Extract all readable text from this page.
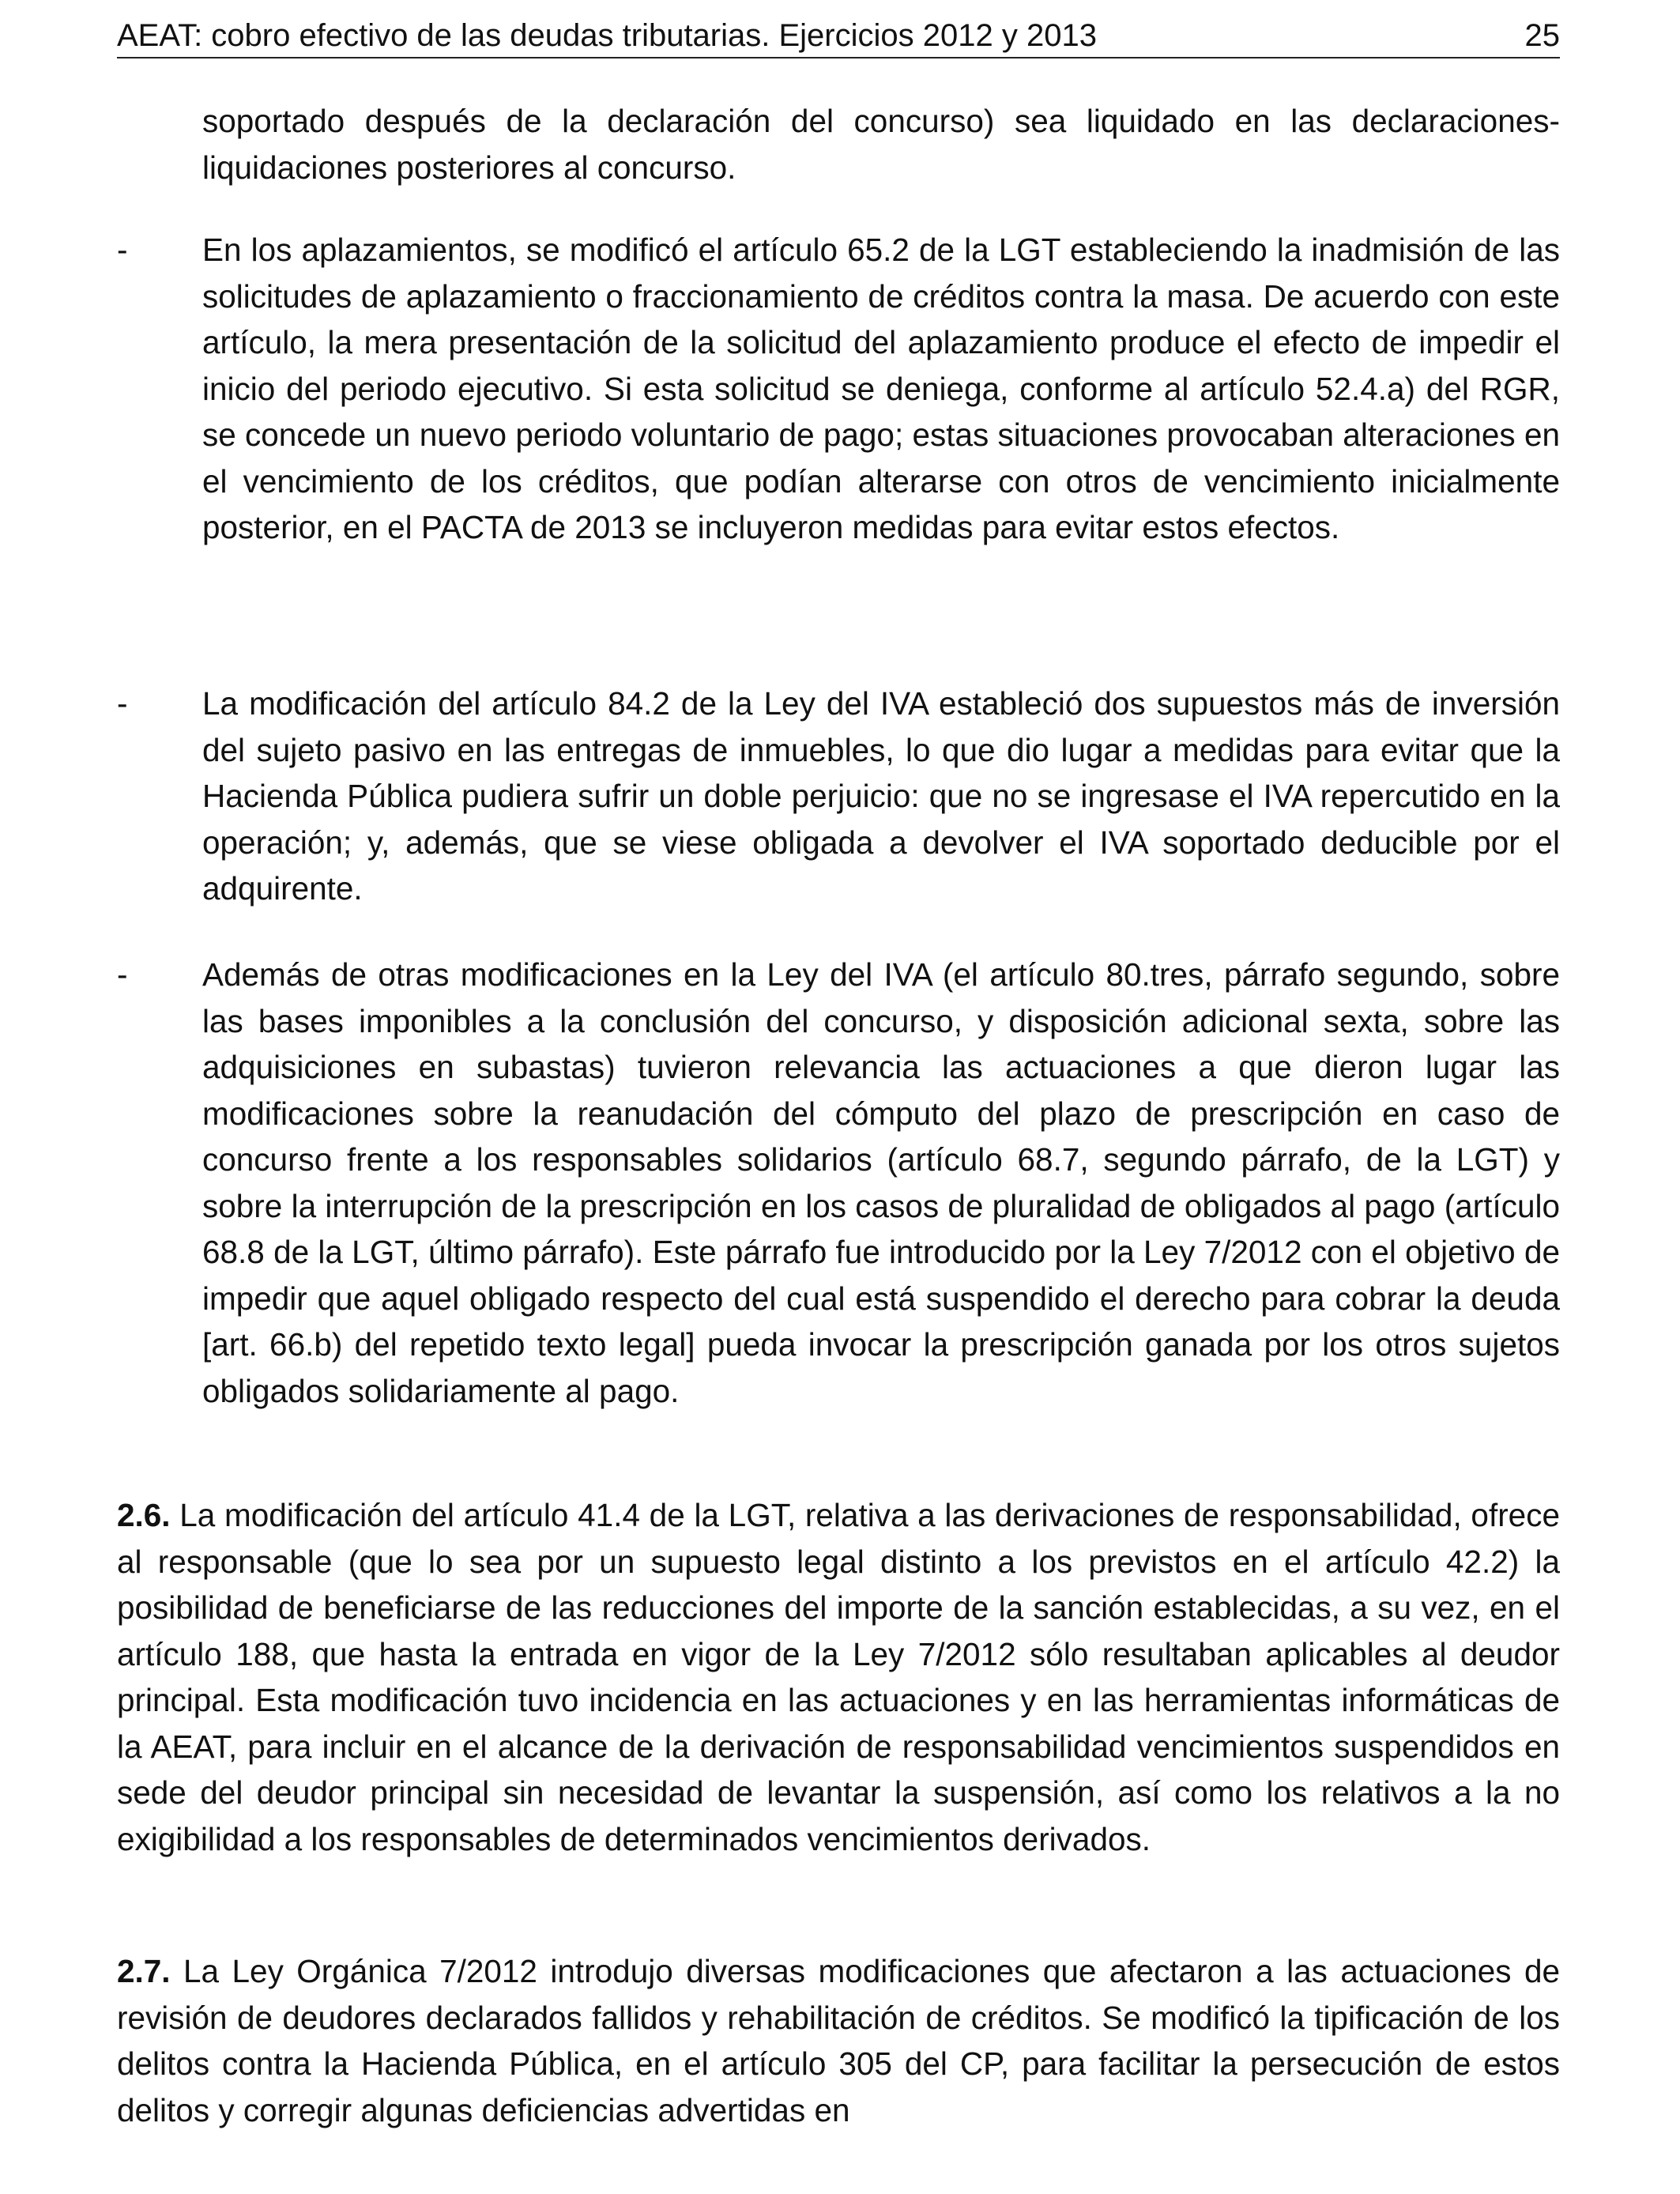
AEAT: cobro efectivo de las deudas tributarias. Ejercicios 2012 y 2013	25

soportado después de la declaración del concurso) sea liquidado en las declaraciones-liquidaciones posteriores al concurso.

-	En los aplazamientos, se modificó el artículo 65.2 de la LGT estableciendo la inadmisión de las solicitudes de aplazamiento o fraccionamiento de créditos contra la masa. De acuerdo con este artículo, la mera presentación de la solicitud del aplazamiento produce el efecto de impedir el inicio del periodo ejecutivo. Si esta solicitud se deniega, conforme al artículo 52.4.a) del RGR, se concede un nuevo periodo voluntario de pago; estas situaciones provocaban alteraciones en el vencimiento de los créditos, que podían alterarse con otros de vencimiento inicialmente posterior, en el PACTA de 2013 se incluyeron medidas para evitar estos efectos.

-	La modificación del artículo 84.2 de la Ley del IVA estableció dos supuestos más de inversión del sujeto pasivo en las entregas de inmuebles, lo que dio lugar a medidas para evitar que la Hacienda Pública pudiera sufrir un doble perjuicio: que no se ingresase el IVA repercutido en la operación; y, además, que se viese obligada a devolver el IVA soportado deducible por el adquirente.

-	Además de otras modificaciones en la Ley del IVA (el artículo 80.tres, párrafo segundo, sobre las bases imponibles a la conclusión del concurso, y disposición adicional sexta, sobre las adquisiciones en subastas) tuvieron relevancia las actuaciones a que dieron lugar las modificaciones sobre la reanudación del cómputo del plazo de prescripción en caso de concurso frente a los responsables solidarios (artículo 68.7, segundo párrafo, de la LGT) y sobre la interrupción de la prescripción en los casos de pluralidad de obligados al pago (artículo 68.8 de la LGT, último párrafo). Este párrafo fue introducido por la Ley 7/2012 con el objetivo de impedir que aquel obligado respecto del cual está suspendido el derecho para cobrar la deuda [art. 66.b) del repetido texto legal] pueda invocar la prescripción ganada por los otros sujetos obligados solidariamente al pago.

2.6. La modificación del artículo 41.4 de la LGT, relativa a las derivaciones de responsabilidad, ofrece al responsable (que lo sea por un supuesto legal distinto a los previstos en el artículo 42.2) la posibilidad de beneficiarse de las reducciones del importe de la sanción establecidas, a su vez, en el artículo 188, que hasta la entrada en vigor de la Ley 7/2012 sólo resultaban aplicables al deudor principal. Esta modificación tuvo incidencia en las actuaciones y en las herramientas informáticas de la AEAT, para incluir en el alcance de la derivación de responsabilidad vencimientos suspendidos en sede del deudor principal sin necesidad de levantar la suspensión, así como los relativos a la no exigibilidad a los responsables de determinados vencimientos derivados.

2.7. La Ley Orgánica 7/2012 introdujo diversas modificaciones que afectaron a las actuaciones de revisión de deudores declarados fallidos y rehabilitación de créditos. Se modificó la tipificación de los delitos contra la Hacienda Pública, en el artículo 305 del CP, para facilitar la persecución de estos delitos y corregir algunas deficiencias advertidas en
